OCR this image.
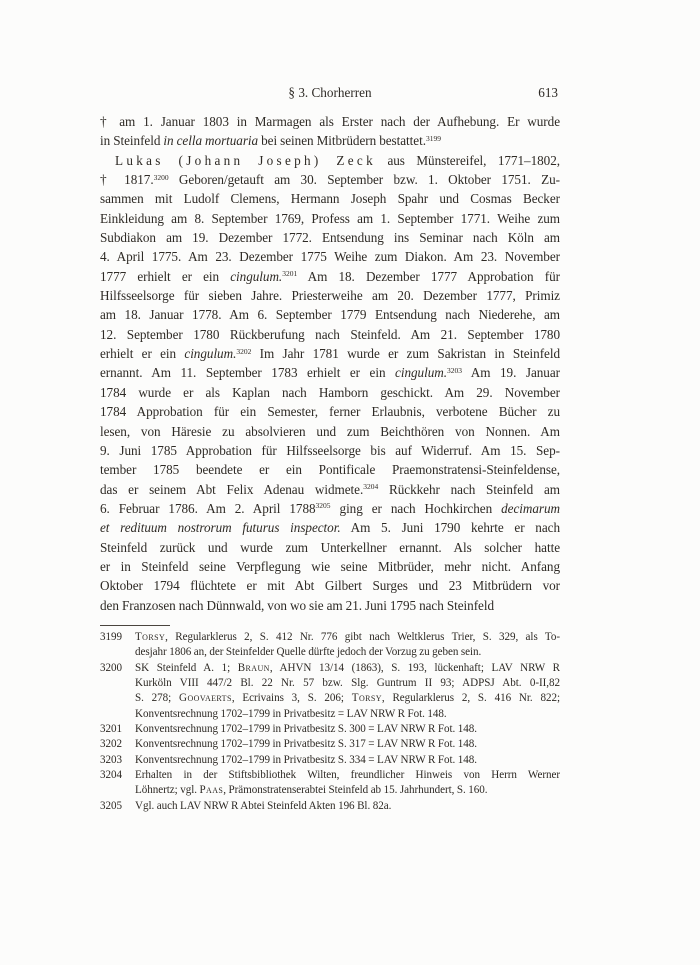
§ 3. Chorherren	613
† am 1. Januar 1803 in Marmagen als Erster nach der Aufhebung. Er wurde
in Steinfeld in cella mortuaria bei seinen Mitbrüdern bestattet.$^{3199}$
Lukas (Johann Joseph) Zeck aus Münstereifel, 1771–1802,
† 1817.$^{3200}$ Geboren/getauft am 30. September bzw. 1. Oktober 1751. Zu-
sammen mit Ludolf Clemens, Hermann Joseph Spahr und Cosmas Becker
Einkleidung am 8. September 1769, Profess am 1. September 1771. Weihe zum
Subdiakon am 19. Dezember 1772. Entsendung ins Seminar nach Köln am
4. April 1775. Am 23. Dezember 1775 Weihe zum Diakon. Am 23. November
1777 erhielt er ein cingulum.$^{3201}$ Am 18. Dezember 1777 Approbation für
Hilfsseelsorge für sieben Jahre. Priesterweihe am 20. Dezember 1777, Primiz
am 18. Januar 1778. Am 6. September 1779 Entsendung nach Niederehe, am
12. September 1780 Rückberufung nach Steinfeld. Am 21. September 1780
erhielt er ein cingulum.$^{3202}$ Im Jahr 1781 wurde er zum Sakristan in Steinfeld
ernannt. Am 11. September 1783 erhielt er ein cingulum.$^{3203}$ Am 19. Januar
1784 wurde er als Kaplan nach Hamborn geschickt. Am 29. November
1784 Approbation für ein Semester, ferner Erlaubnis, verbotene Bücher zu
lesen, von Häresie zu absolvieren und zum Beichthören von Nonnen. Am
9. Juni 1785 Approbation für Hilfsseelsorge bis auf Widerruf. Am 15. Sep-
tember 1785 beendete er ein Pontificale Praemonstratensi-Steinfeldense,
das er seinem Abt Felix Adenau widmete.$^{3204}$ Rückkehr nach Steinfeld am
6. Februar 1786. Am 2. April $1788^{3205}$ ging er nach Hochkirchen decimarum
et redituum nostrorum futurus inspector. Am 5. Juni 1790 kehrte er nach
Steinfeld zurück und wurde zum Unterkellner ernannt. Als solcher hatte
er in Steinfeld seine Verpflegung wie seine Mitbrüder, mehr nicht. Anfang
Oktober 1794 flüchtete er mit Abt Gilbert Surges und 23 Mitbrüdern vor
den Franzosen nach Dünnwald, von wo sie am 21. Juni 1795 nach Steinfeld
3199 Torsy, Regularklerus 2, S. 412 Nr. 776 gibt nach Weltklerus Trier, S. 329, als To-
desjahr 1806 an, der Steinfelder Quelle dürfte jedoch der Vorzug zu geben sein.
3200 SK Steinfeld A. 1; Braun, AHVN 13/14 (1863), S. 193, lückenhaft; LAV NRW R
Kurköln VIII 447/2 Bl. 22 Nr. 57 bzw. Slg. Guntrum II 93; ADPSJ Abt. 0-II,82
S. 278; Goovaerts, Ecrivains 3, S. 206; Torsy, Regularklerus 2, S. 416 Nr. 822;
Konventsrechnung 1702–1799 in Privatbesitz = LAV NRW R Fot. 148.
3201 Konventsrechnung 1702–1799 in Privatbesitz S. 300 = LAV NRW R Fot. 148.
3202 Konventsrechnung 1702–1799 in Privatbesitz S. 317 = LAV NRW R Fot. 148.
3203 Konventsrechnung 1702–1799 in Privatbesitz S. 334 = LAV NRW R Fot. 148.
3204 Erhalten in der Stiftsbibliothek Wilten, freundlicher Hinweis von Herrn Werner
Löhnertz; vgl. Paas, Prämonstratenserabtei Steinfeld ab 15. Jahrhundert, S. 160.
3205 Vgl. auch LAV NRW R Abtei Steinfeld Akten 196 Bl. 82a.
